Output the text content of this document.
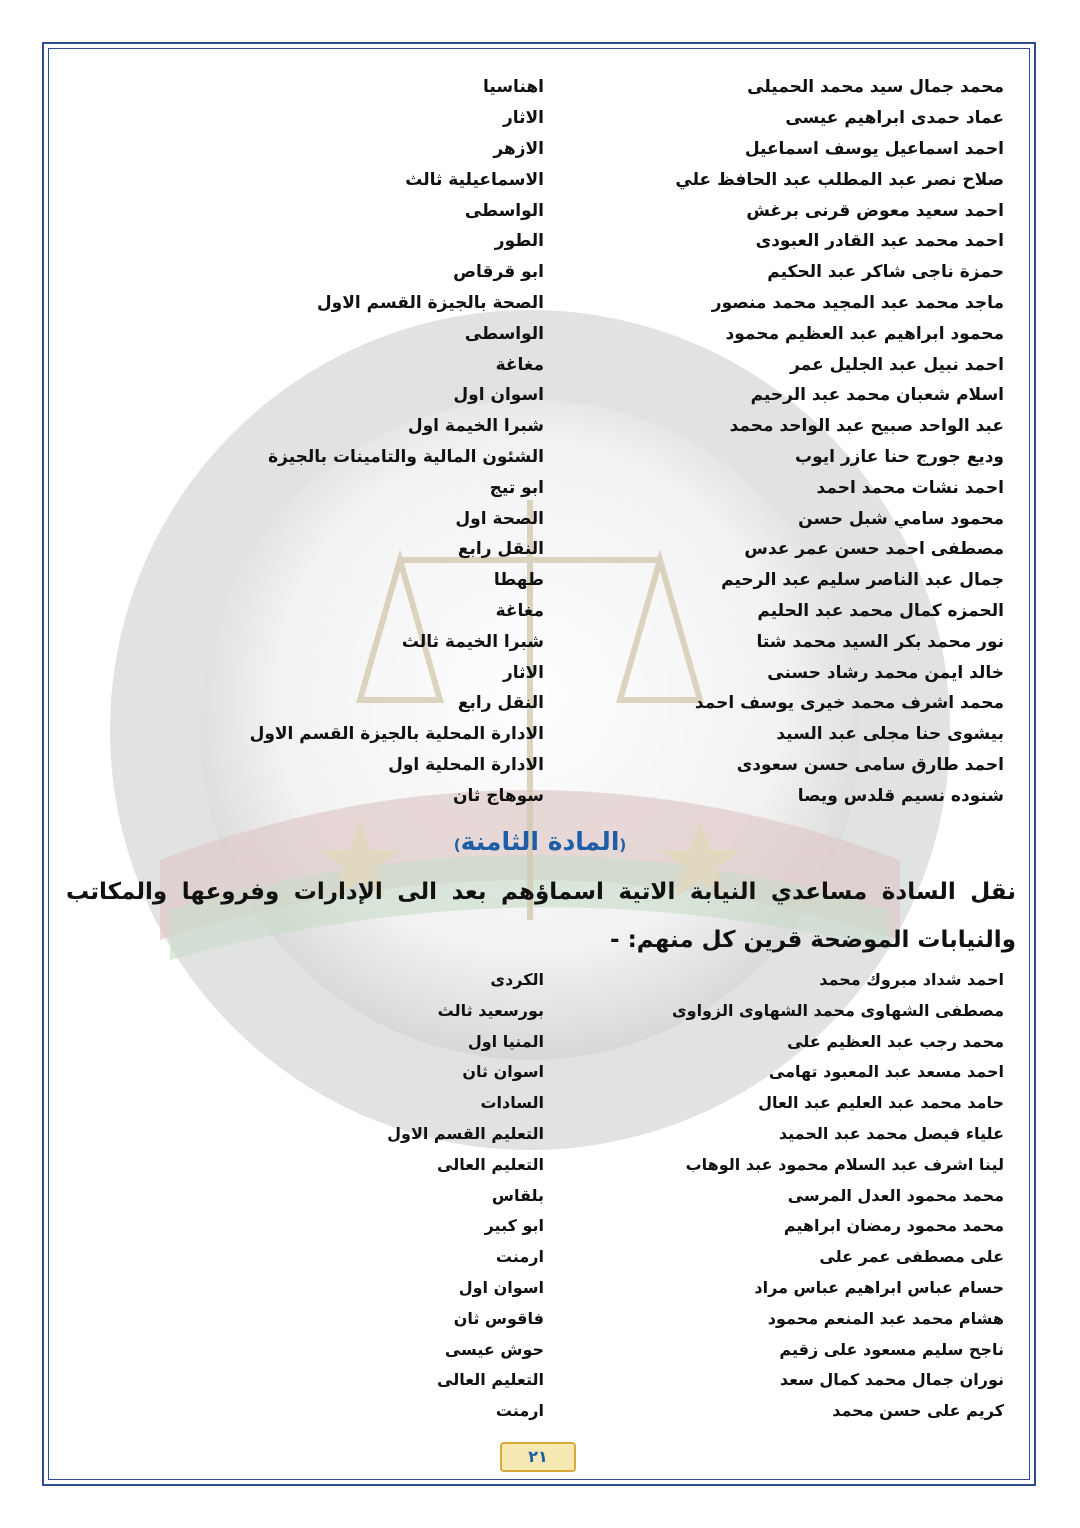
محمد جمال سيد محمد الحميلى
اهناسيا
عماد حمدى ابراهيم عيسى
الاثار
احمد اسماعيل يوسف اسماعيل
الازهر
صلاح نصر عبد المطلب عبد الحافظ علي
الاسماعيلية ثالث
احمد سعيد معوض قرنى برغش
الواسطى
احمد محمد عبد القادر العبودى
الطور
حمزة ناجى شاكر عبد الحكيم
ابو قرقاص
ماجد محمد عبد المجيد محمد منصور
الصحة بالجيزة القسم الاول
محمود ابراهيم عبد العظيم محمود
الواسطى
احمد نبيل عبد الجليل عمر
مغاغة
اسلام شعبان محمد عبد الرحيم
اسوان اول
عبد الواحد صبيح عبد الواحد محمد
شبرا الخيمة اول
وديع جورج حنا عازر ايوب
الشئون المالية والتامينات بالجيزة
احمد نشات محمد احمد
ابو تيج
محمود سامي شبل حسن
الصحة اول
مصطفى احمد حسن عمر عدس
النقل رابع
جمال عبد الناصر سليم عبد الرحيم
طهطا
الحمزه كمال محمد عبد الحليم
مغاغة
نور محمد بكر السيد محمد شتا
شبرا الخيمة ثالث
خالد ايمن محمد رشاد حسنى
الاثار
محمد اشرف محمد خيرى يوسف احمد
النقل رابع
بيشوى حنا مجلى عبد السيد
الادارة المحلية بالجيزة القسم الاول
احمد طارق سامى حسن سعودى
الادارة المحلية اول
شنوده نسيم قلدس ويصا
سوهاج ثان
(المادة الثامنة)
نقل السادة مساعدي النيابة الاتية اسماؤهم بعد الى الإدارات وفروعها والمكاتب والنيابات الموضحة قرين كل منهم: -
احمد شداد مبروك محمد
الكردى
مصطفى الشهاوى محمد الشهاوى الزواوى
بورسعيد ثالث
محمد رجب عبد العظيم على
المنيا اول
احمد مسعد عبد المعبود تهامى
اسوان ثان
حامد محمد عبد العليم عبد العال
السادات
علياء فيصل محمد عبد الحميد
التعليم القسم الاول
لينا اشرف عبد السلام محمود عبد الوهاب
التعليم العالى
محمد محمود العدل المرسى
بلقاس
محمد محمود رمضان ابراهيم
ابو كبير
على مصطفى عمر على
ارمنت
حسام عباس ابراهيم عباس مراد
اسوان اول
هشام محمد عبد المنعم محمود
فاقوس ثان
ناجح سليم مسعود على زقيم
حوش عيسى
نوران جمال محمد كمال سعد
التعليم العالى
كريم على حسن محمد
ارمنت
٢١
